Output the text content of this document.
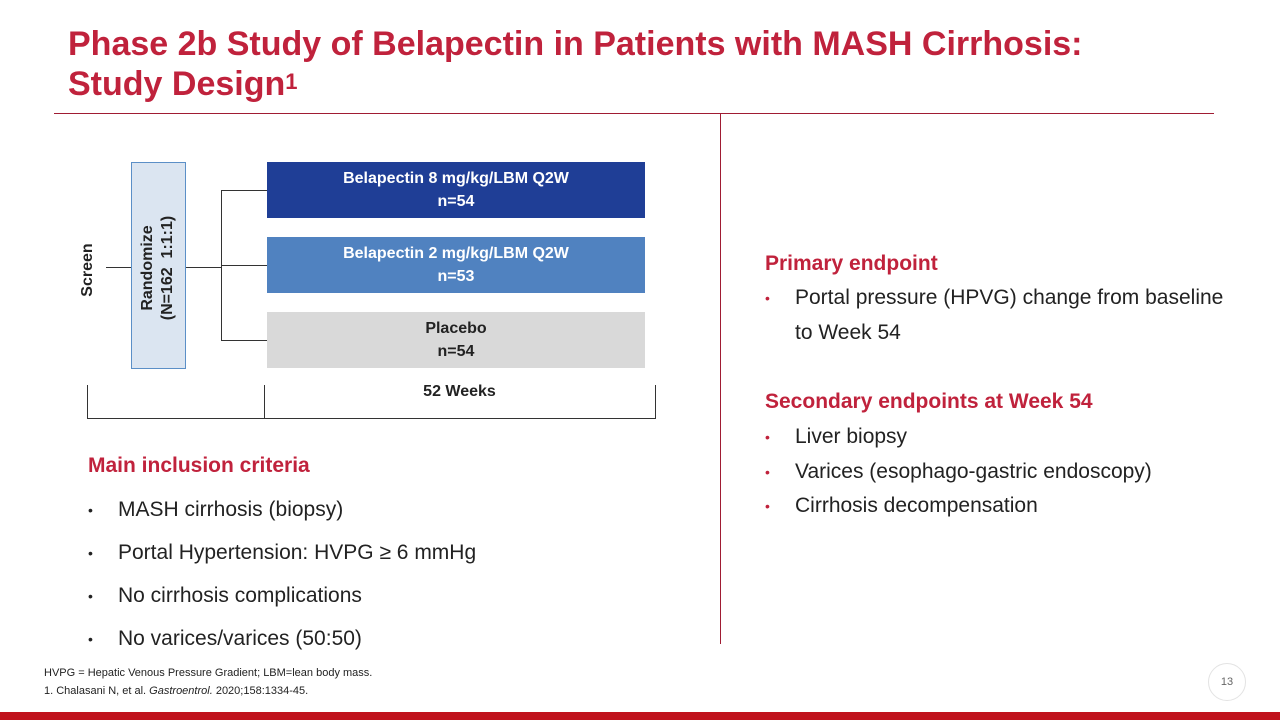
Phase 2b Study of Belapectin in Patients with MASH Cirrhosis:
Study Design$^1$
Screen	Randomize (N=162  1:1:1)
Belapectin 8 mg/kg/LBM Q2W
n=54
Belapectin 2 mg/kg/LBM Q2W
n=53
Placebo
n=54
52 Weeks
Main inclusion criteria
• MASH cirrhosis (biopsy)
• Portal Hypertension: HVPG ≥ 6 mmHg
• No cirrhosis complications
• No varices/varices (50:50)
Primary endpoint
• Portal pressure (HPVG) change from baseline to Week 54
Secondary endpoints at Week 54
• Liver biopsy
• Varices (esophago-gastric endoscopy)
• Cirrhosis decompensation
HVPG = Hepatic Venous Pressure Gradient; LBM=lean body mass.
1. Chalasani N, et al. Gastroentrol. 2020;158:1334-45.
13
